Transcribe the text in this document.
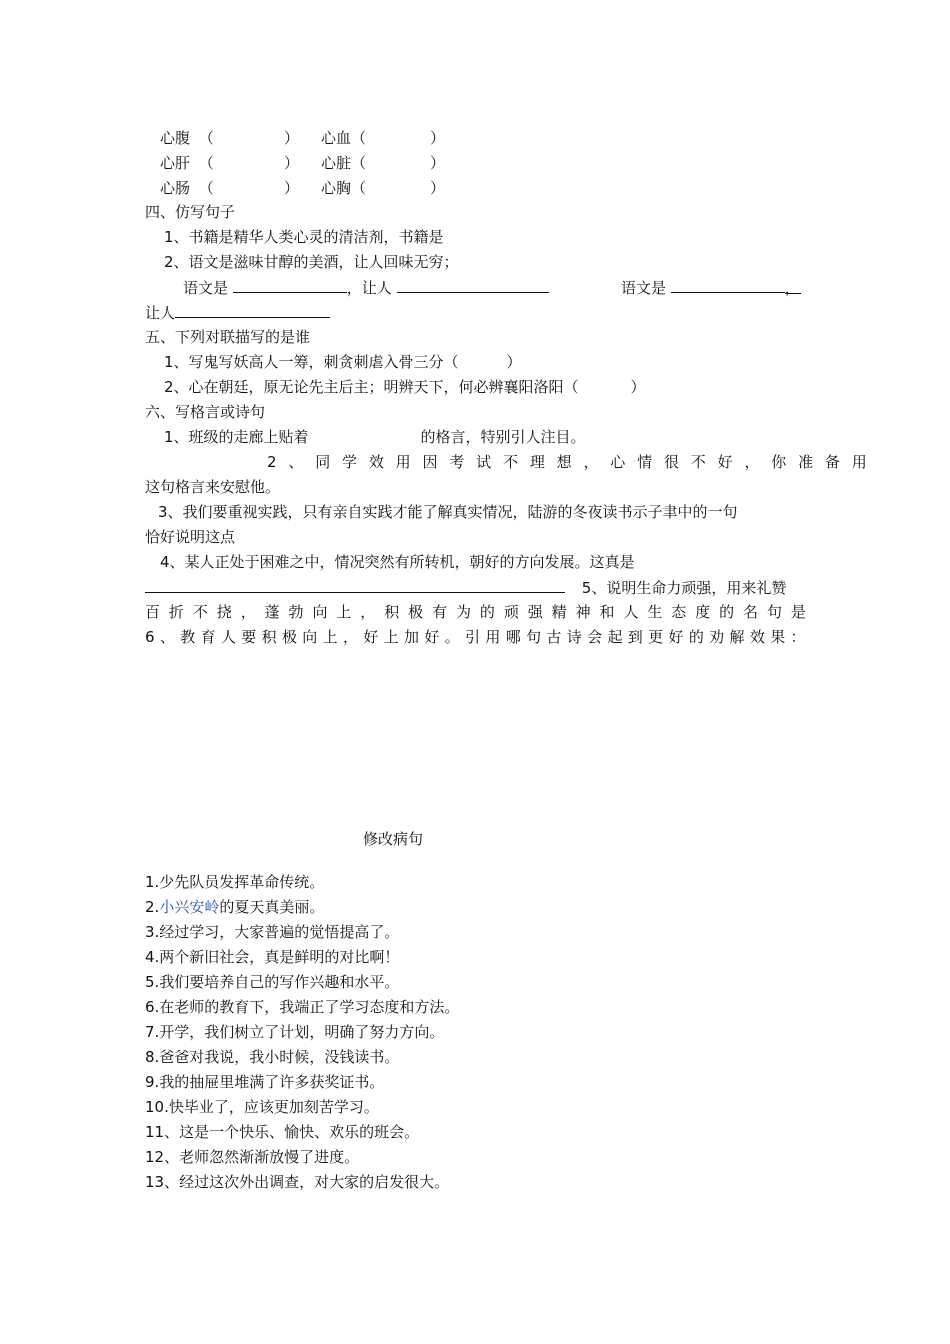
心腹 （	） 心血（	）
心肝 （	） 心脏（	）
心肠 （	） 心胸（	）
四、仿写句子
1、书籍是精华人类心灵的清洁剂，书籍是
2、语文是滋味甘醇的美酒，让人回味无穷；
语文是	，让人	语文是	，
让人
五、下列对联描写的是谁
1、写鬼写妖高人一筹，刺贪刺虐入骨三分（	）
2、心在朝廷，原无论先主后主；明辨天下，何必辨襄阳洛阳（	）
六、写格言或诗句
1、班级的走廊上贴着	的格言，特别引人注目。
2 、 同 学 效 用 因 考 试 不 理 想 ， 心 情 很 不 好 ， 你 准 备 用
这句格言来安慰他。
3、我们要重视实践，只有亲自实践才能了解真实情况，陆游的冬夜读书示子聿中的一句
恰好说明这点
4、某人正处于困难之中，情况突然有所转机，朝好的方向发展。这真是
5、说明生命力顽强，用来礼赞
百 折 不 挠 ， 蓬 勃 向 上 ， 积 极 有 为 的 顽 强 精 神 和 人 生 态 度 的 名 句 是
6 、 教 育 人 要 积 极 向 上 ， 好 上 加 好 。 引 用 哪 句 古 诗 会 起 到 更 好 的 劝 解 效 果 ：
修改病句
1.少先队员发挥革命传统。
2.小兴安岭的夏天真美丽。
3.经过学习，大家普遍的觉悟提高了。
4.两个新旧社会，真是鲜明的对比啊！
5.我们要培养自己的写作兴趣和水平。
6.在老师的教育下，我端正了学习态度和方法。
7.开学，我们树立了计划，明确了努力方向。
8.爸爸对我说，我小时候，没钱读书。
9.我的抽屉里堆满了许多获奖证书。
10.快毕业了，应该更加刻苦学习。
11、这是一个快乐、愉快、欢乐的班会。
12、老师忽然渐渐放慢了进度。
13、经过这次外出调查，对大家的启发很大。
